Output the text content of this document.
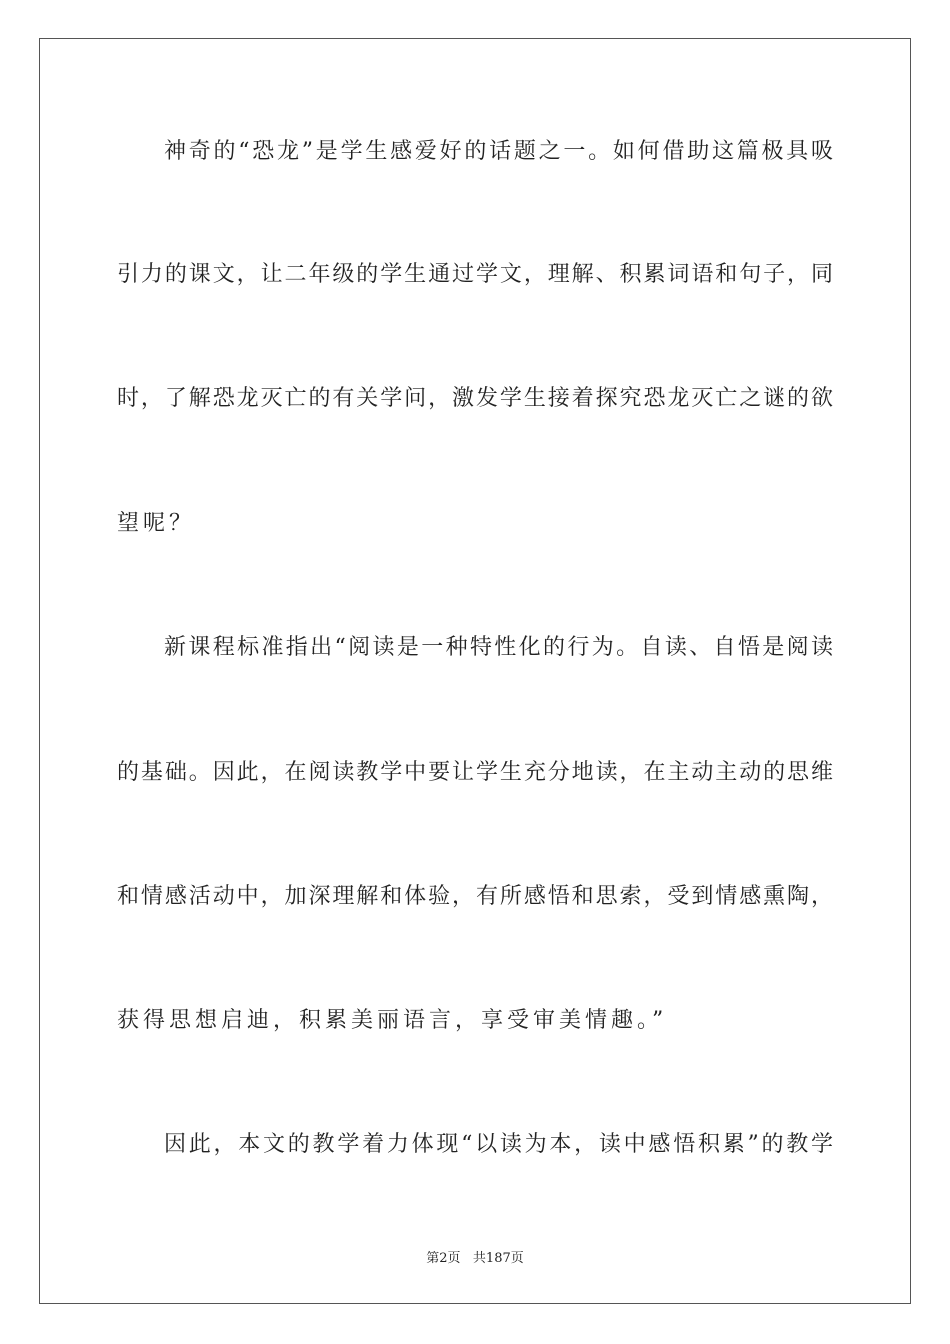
神奇的“恐龙”是学生感爱好的话题之一。如何借助这篇极具吸
引力的课文，让二年级的学生通过学文，理解、积累词语和句子，同
时，了解恐龙灭亡的有关学问，激发学生接着探究恐龙灭亡之谜的欲
望呢？
新课程标准指出“阅读是一种特性化的行为。自读、自悟是阅读
的基础。因此，在阅读教学中要让学生充分地读，在主动主动的思维
和情感活动中，加深理解和体验，有所感悟和思索，受到情感熏陶，
获得思想启迪，积累美丽语言，享受审美情趣。”
因此，本文的教学着力体现“以读为本，读中感悟积累”的教学
第2页 共187页
